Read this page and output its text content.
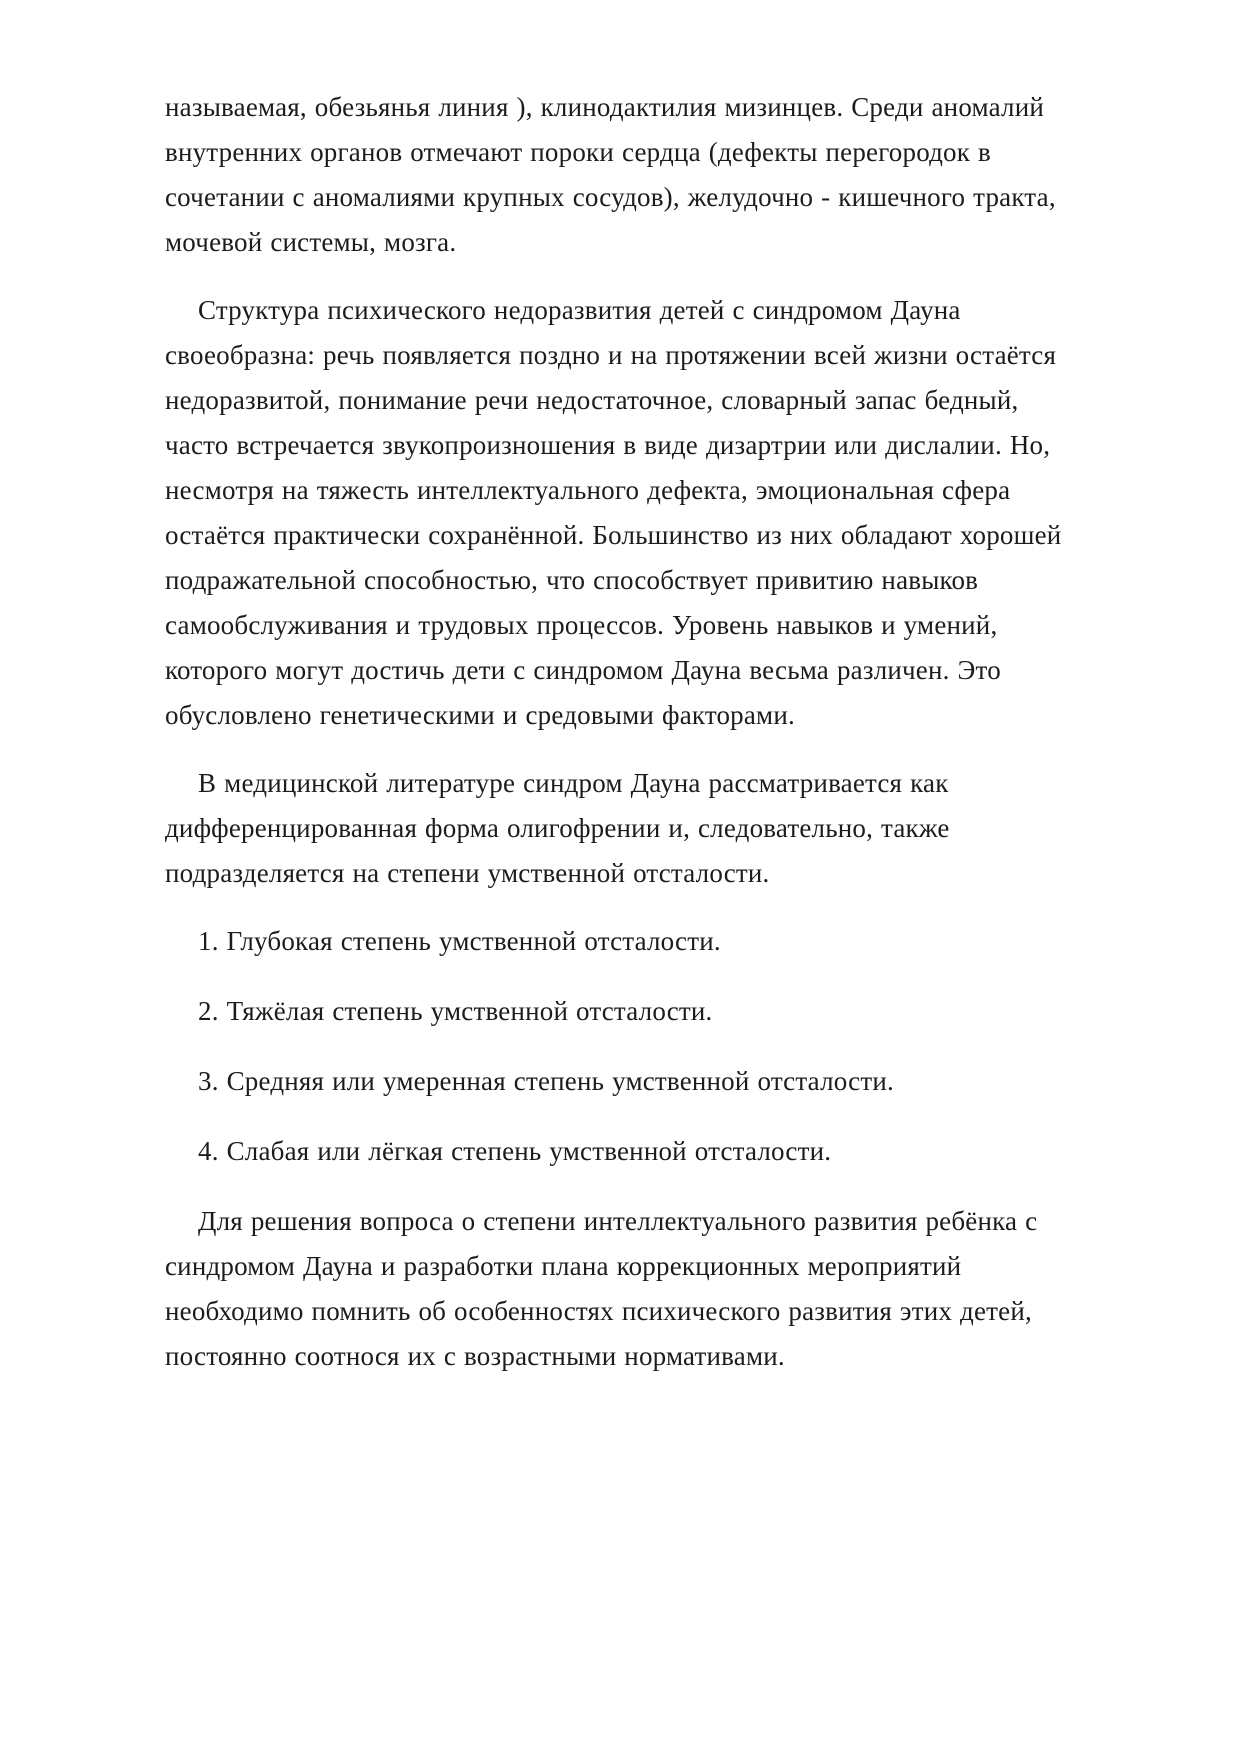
называемая, обезьянья линия ), клинодактилия мизинцев. Среди аномалий внутренних органов отмечают пороки сердца (дефекты перегородок в сочетании с аномалиями крупных сосудов), желудочно - кишечного тракта, мочевой системы, мозга.

Структура психического недоразвития детей с синдромом Дауна своеобразна: речь появляется поздно и на протяжении всей жизни остаётся недоразвитой, понимание речи недостаточное, словарный запас бедный, часто встречается звукопроизношения в виде дизартрии или дислалии. Но, несмотря на тяжесть интеллектуального дефекта, эмоциональная сфера остаётся практически сохранённой. Большинство из них обладают хорошей подражательной способностью, что способствует привитию навыков самообслуживания и трудовых процессов. Уровень навыков и умений, которого могут достичь дети с синдромом Дауна весьма различен. Это обусловлено генетическими и средовыми факторами.

В медицинской литературе синдром Дауна рассматривается как дифференцированная форма олигофрении и, следовательно, также подразделяется на степени умственной отсталости.

1. Глубокая степень умственной отсталости.

2. Тяжёлая степень умственной отсталости.

3. Средняя или умеренная степень умственной отсталости.

4. Слабая или лёгкая степень умственной отсталости.

Для решения вопроса о степени интеллектуального развития ребёнка с синдромом Дауна и разработки плана коррекционных мероприятий необходимо помнить об особенностях психического развития этих детей, постоянно соотнося их с возрастными нормативами.
